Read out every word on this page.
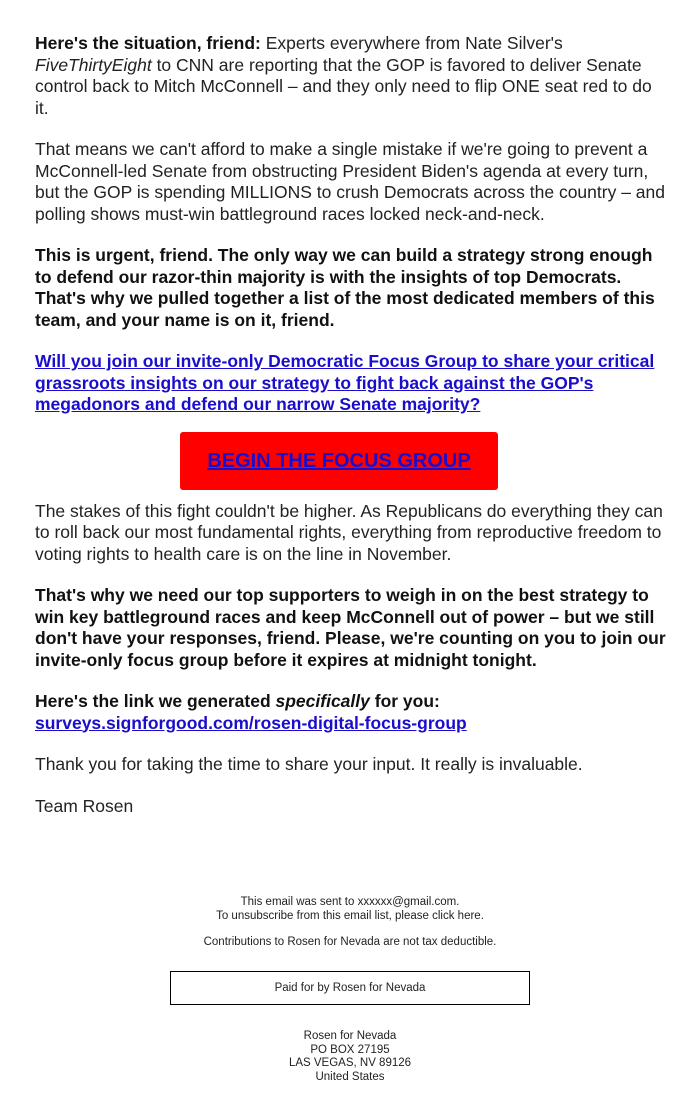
Here's the situation, friend: Experts everywhere from Nate Silver's FiveThirtyEight to CNN are reporting that the GOP is favored to deliver Senate control back to Mitch McConnell – and they only need to flip ONE seat red to do it.

That means we can't afford to make a single mistake if we're going to prevent a McConnell-led Senate from obstructing President Biden's agenda at every turn, but the GOP is spending MILLIONS to crush Democrats across the country – and polling shows must-win battleground races locked neck-and-neck.

This is urgent, friend. The only way we can build a strategy strong enough to defend our razor-thin majority is with the insights of top Democrats. That's why we pulled together a list of the most dedicated members of this team, and your name is on it, friend.

Will you join our invite-only Democratic Focus Group to share your critical grassroots insights on our strategy to fight back against the GOP's megadonors and defend our narrow Senate majority?

BEGIN THE FOCUS GROUP

The stakes of this fight couldn't be higher. As Republicans do everything they can to roll back our most fundamental rights, everything from reproductive freedom to voting rights to health care is on the line in November.

That's why we need our top supporters to weigh in on the best strategy to win key battleground races and keep McConnell out of power – but we still don't have your responses, friend. Please, we're counting on you to join our invite-only focus group before it expires at midnight tonight.

Here's the link we generated specifically for you:
surveys.signforgood.com/rosen-digital-focus-group

Thank you for taking the time to share your input. It really is invaluable.

Team Rosen

This email was sent to xxxxxx@gmail.com.

To unsubscribe from this email list, please click here.

Contributions to Rosen for Nevada are not tax deductible.

Paid for by Rosen for Nevada

Rosen for Nevada

PO BOX 27195

LAS VEGAS, NV 89126

United States
